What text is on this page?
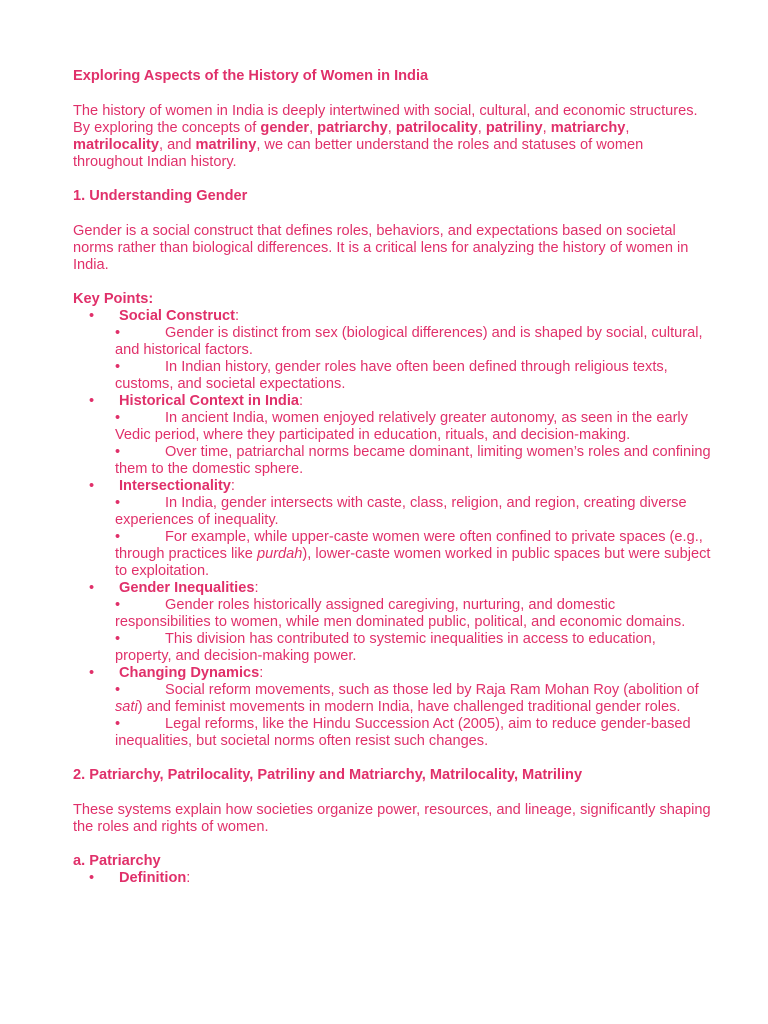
Exploring Aspects of the History of Women in India

The history of women in India is deeply intertwined with social, cultural, and economic structures. By exploring the concepts of gender, patriarchy, patrilocality, patriliny, matriarchy, matrilocality, and matriliny, we can better understand the roles and statuses of women throughout Indian history.

1. Understanding Gender

Gender is a social construct that defines roles, behaviors, and expectations based on societal norms rather than biological differences. It is a critical lens for analyzing the history of women in India.

Key Points:

• Social Construct:
•	Gender is distinct from sex (biological differences) and is shaped by social, cultural, and historical factors.
•	In Indian history, gender roles have often been defined through religious texts, customs, and societal expectations.
• Historical Context in India:
•	In ancient India, women enjoyed relatively greater autonomy, as seen in the early Vedic period, where they participated in education, rituals, and decision-making.
•	Over time, patriarchal norms became dominant, limiting women’s roles and confining them to the domestic sphere.
• Intersectionality:
•	In India, gender intersects with caste, class, religion, and region, creating diverse experiences of inequality.
•	For example, while upper-caste women were often confined to private spaces (e.g., through practices like purdah), lower-caste women worked in public spaces but were subject to exploitation.
• Gender Inequalities:
•	Gender roles historically assigned caregiving, nurturing, and domestic responsibilities to women, while men dominated public, political, and economic domains.
•	This division has contributed to systemic inequalities in access to education, property, and decision-making power.
• Changing Dynamics:
•	Social reform movements, such as those led by Raja Ram Mohan Roy (abolition of sati) and feminist movements in modern India, have challenged traditional gender roles.
•	Legal reforms, like the Hindu Succession Act (2005), aim to reduce gender-based inequalities, but societal norms often resist such changes.

2. Patriarchy, Patrilocality, Patriliny and Matriarchy, Matrilocality, Matriliny

These systems explain how societies organize power, resources, and lineage, significantly shaping the roles and rights of women.

a. Patriarchy

• Definition:
